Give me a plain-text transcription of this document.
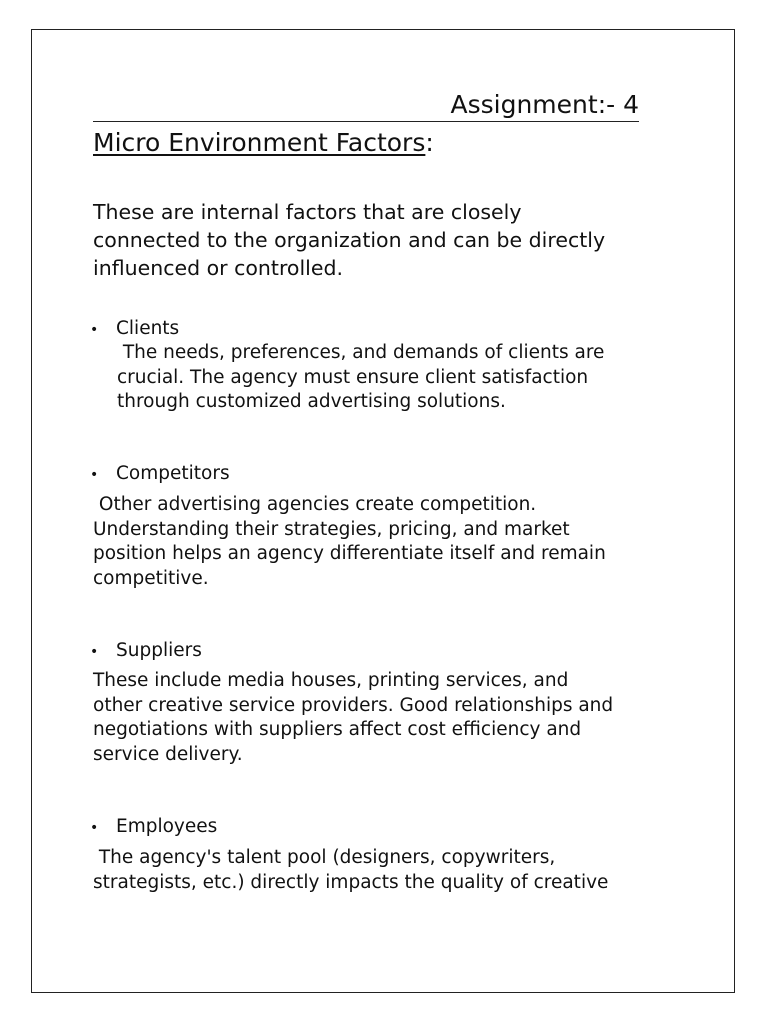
Assignment:- 4
Micro Environment Factors:
These are internal factors that are closely
connected to the organization and can be directly
influenced or controlled.
• Clients
The needs, preferences, and demands of clients are
crucial. The agency must ensure client satisfaction
through customized advertising solutions.
• Competitors
Other advertising agencies create competition.
Understanding their strategies, pricing, and market
position helps an agency differentiate itself and remain
competitive.
• Suppliers
These include media houses, printing services, and
other creative service providers. Good relationships and
negotiations with suppliers affect cost efficiency and
service delivery.
• Employees
The agency's talent pool (designers, copywriters,
strategists, etc.) directly impacts the quality of creative
